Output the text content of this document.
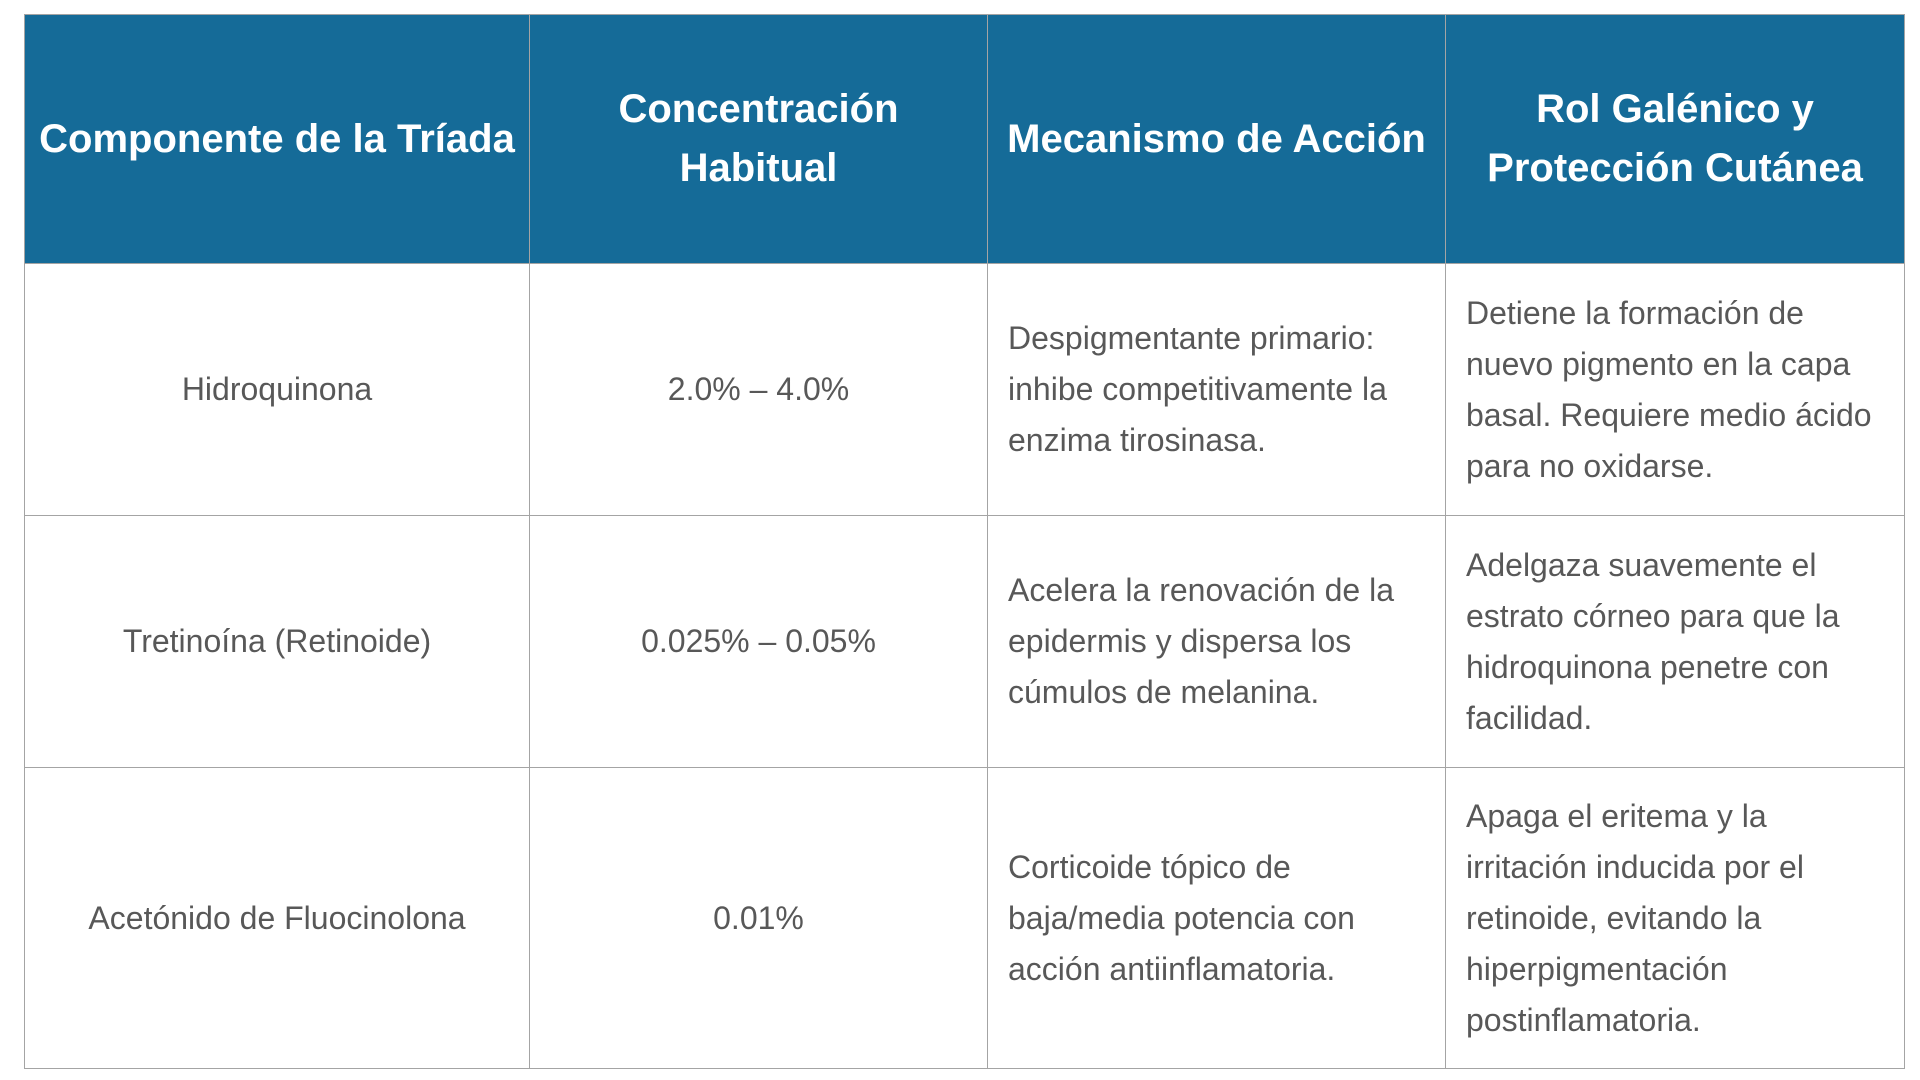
Componente de la Tríada	Concentración Habitual	Mecanismo de Acción	Rol Galénico y Protección Cutánea
Hidroquinona	2.0% – 4.0%	Despigmentante primario: inhibe competitivamente la enzima tirosinasa.	Detiene la formación de nuevo pigmento en la capa basal. Requiere medio ácido para no oxidarse.
Tretinoína (Retinoide)	0.025% – 0.05%	Acelera la renovación de la epidermis y dispersa los cúmulos de melanina.	Adelgaza suavemente el estrato córneo para que la hidroquinona penetre con facilidad.
Acetónido de Fluocinolona	0.01%	Corticoide tópico de baja/media potencia con acción antiinflamatoria.	Apaga el eritema y la irritación inducida por el retinoide, evitando la hiperpigmentación postinflamatoria.
